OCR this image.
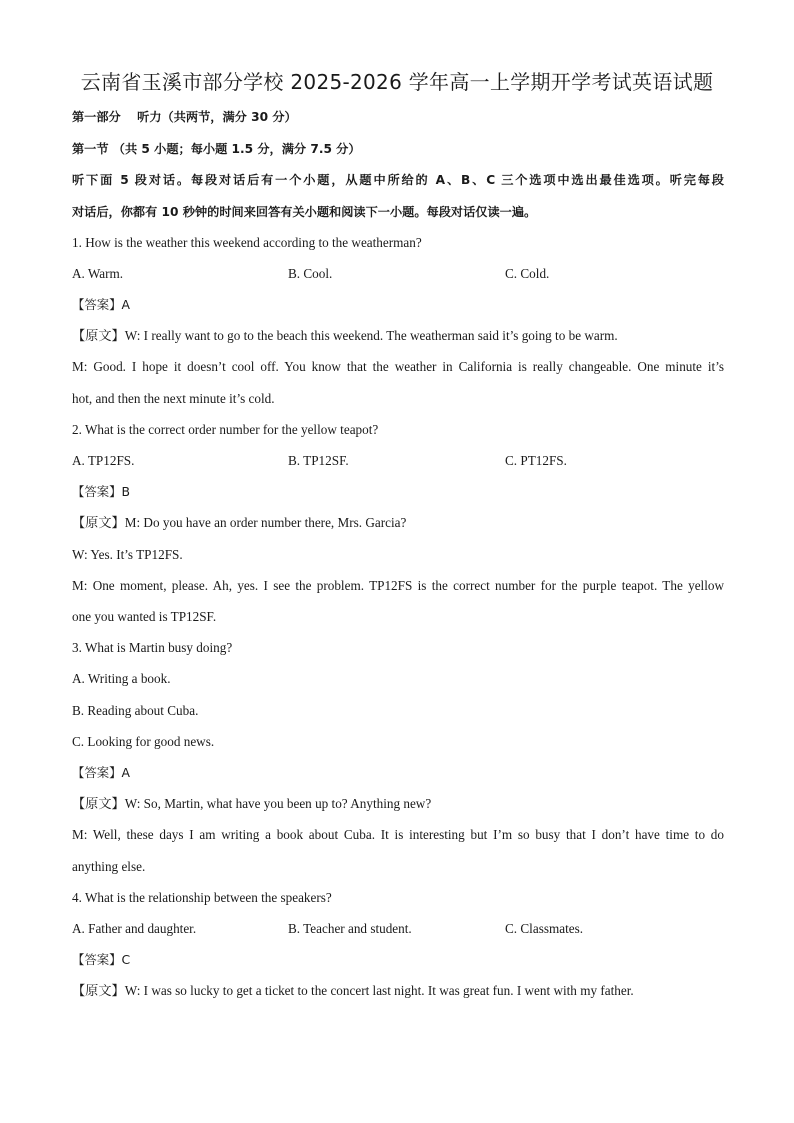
云南省玉溪市部分学校 2025-2026 学年高一上学期开学考试英语试题
第一部分　 听力（共两节，满分 30 分）
第一节 （共 5 小题；每小题 1.5 分，满分 7.5 分）
听下面 5 段对话。每段对话后有一个小题，从题中所给的 A、B、C 三个选项中选出最佳选项。听完每段
对话后，你都有 10 秒钟的时间来回答有关小题和阅读下一小题。每段对话仅读一遍。
1. How is the weather this weekend according to the weatherman?
A. Warm.	B. Cool.	C. Cold.
【答案】A
【原文】W: I really want to go to the beach this weekend. The weatherman said it’s going to be warm.
M: Good. I hope it doesn’t cool off. You know that the weather in California is really changeable. One minute it’s
hot, and then the next minute it’s cold.
2. What is the correct order number for the yellow teapot?
A. TP12FS.	B. TP12SF.	C. PT12FS.
【答案】B
【原文】M: Do you have an order number there, Mrs. Garcia?
W: Yes. It’s TP12FS.
M: One moment, please. Ah, yes. I see the problem. TP12FS is the correct number for the purple teapot. The yellow
one you wanted is TP12SF.
3. What is Martin busy doing?
A. Writing a book.
B. Reading about Cuba.
C. Looking for good news.
【答案】A
【原文】W: So, Martin, what have you been up to? Anything new?
M: Well, these days I am writing a book about Cuba. It is interesting but I’m so busy that I don’t have time to do
anything else.
4. What is the relationship between the speakers?
A. Father and daughter.	B. Teacher and student.	C. Classmates.
【答案】C
【原文】W: I was so lucky to get a ticket to the concert last night. It was great fun. I went with my father.
